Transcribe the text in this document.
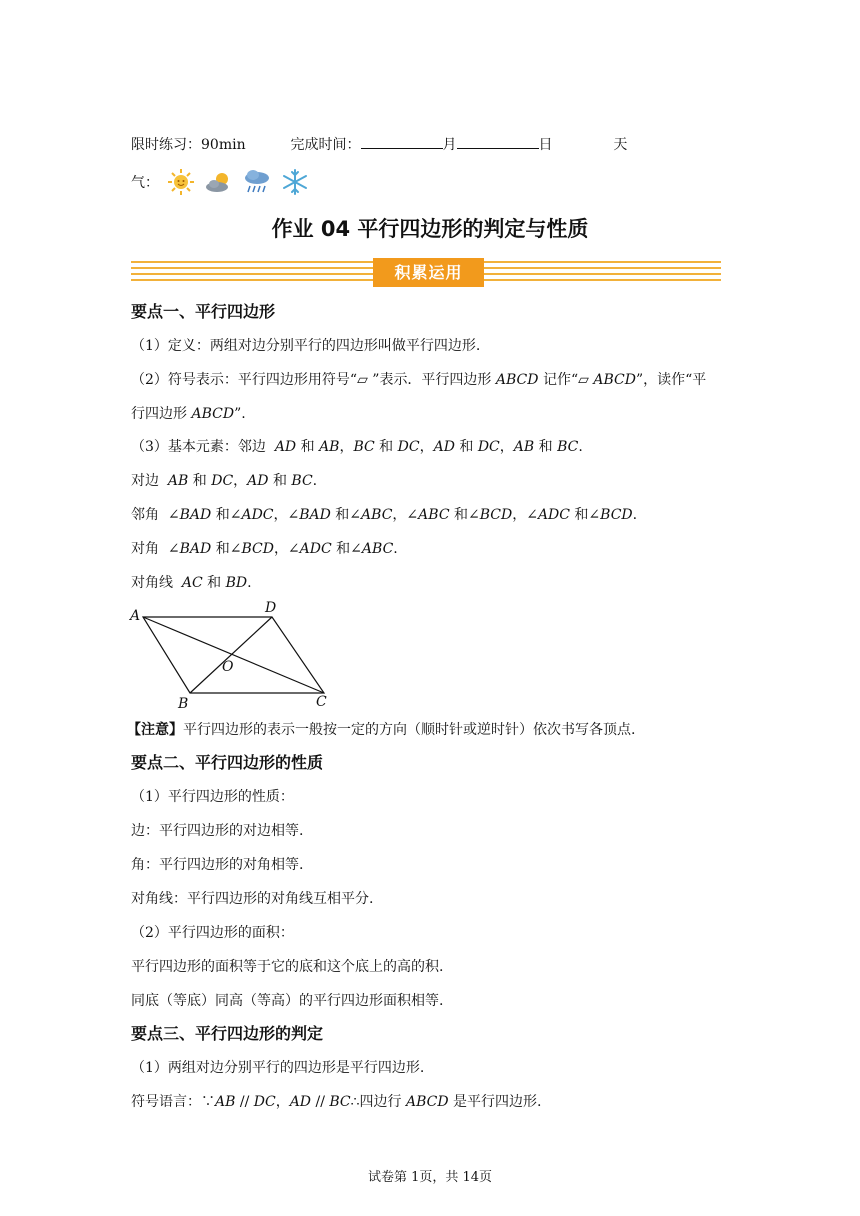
限时练习：90min	完成时间：	月	日	天
气：
作业 04 平行四边形的判定与性质
积累运用
要点一、平行四边形
（1）定义：两组对边分别平行的四边形叫做平行四边形.
（2）符号表示：平行四边形用符号“▱ ”表示．平行四边形 ABCD 记作“▱ ABCD”，读作“平
行四边形 ABCD”.
（3）基本元素：邻边  AD 和 AB，BC 和 DC，AD 和 DC，AB 和 BC.
对边  AB 和 DC，AD 和 BC.
邻角  ∠BAD 和∠ADC，∠BAD 和∠ABC，∠ABC 和∠BCD，∠ADC 和∠BCD.
对角  ∠BAD 和∠BCD，∠ADC 和∠ABC.
对角线  AC 和 BD.
A	D
O
B	C
【注意】平行四边形的表示一般按一定的方向（顺时针或逆时针）依次书写各顶点.
要点二、平行四边形的性质
（1）平行四边形的性质：
边：平行四边形的对边相等.
角：平行四边形的对角相等.
对角线：平行四边形的对角线互相平分.
（2）平行四边形的面积：
平行四边形的面积等于它的底和这个底上的高的积.
同底（等底）同高（等高）的平行四边形面积相等.
要点三、平行四边形的判定
（1）两组对边分别平行的四边形是平行四边形.
符号语言：∵AB // DC，AD // BC∴四边行 ABCD 是平行四边形.
试卷第 1页，共 14页
